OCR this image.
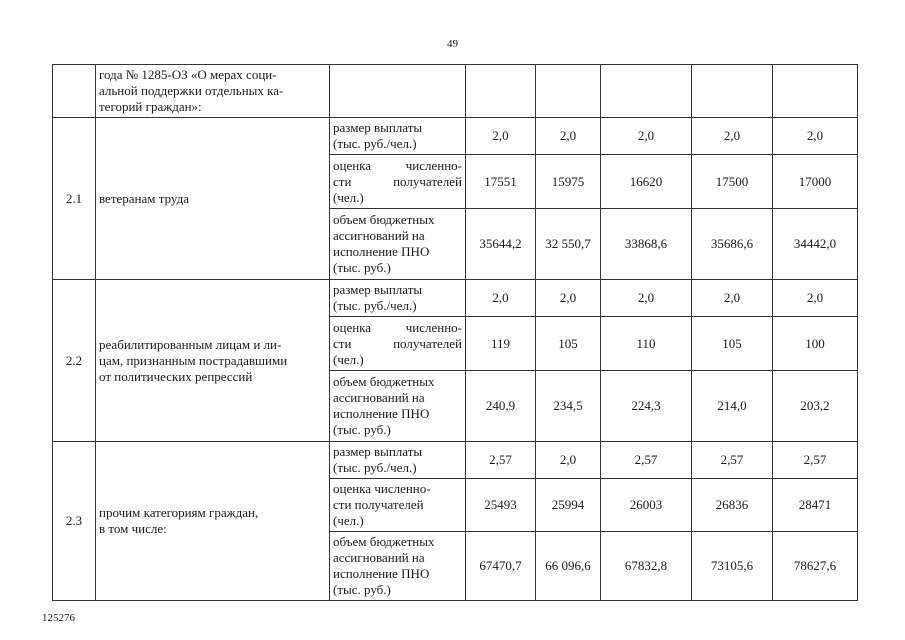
49

	года № 1285-ОЗ «О мерах соци-
альной поддержки отдельных ка-
тегорий граждан»:						

2.1	ветеранам труда	размер выплаты
(тыс. руб./чел.)	2,0	2,0	2,0	2,0	2,0

		оценка численно-
сти получателей
(чел.)	17551	15975	16620	17500	17000

		объем бюджетных
ассигнований на
исполнение ПНО
(тыс. руб.)	35644,2	32 550,7	33868,6	35686,6	34442,0
2.2	реабилитированным лицам и ли-
цам, признанным пострадавшими
от политических репрессий	размер выплаты
(тыс. руб./чел.)	2,0	2,0	2,0	2,0	2,0

		оценка численно-
сти получателей
(чел.)	119	105	110	105	100

		объем бюджетных
ассигнований на
исполнение ПНО
(тыс. руб.)	240,9	234,5	224,3	214,0	203,2
2.3	прочим категориям граждан,
в том числе:	размер выплаты
(тыс. руб./чел.)	2,57	2,0	2,57	2,57	2,57

		оценка численно-
сти получателей
(чел.)	25493	25994	26003	26836	28471

		объем бюджетных
ассигнований на
исполнение ПНО
(тыс. руб.)	67470,7	66 096,6	67832,8	73105,6	78627,6
125276
